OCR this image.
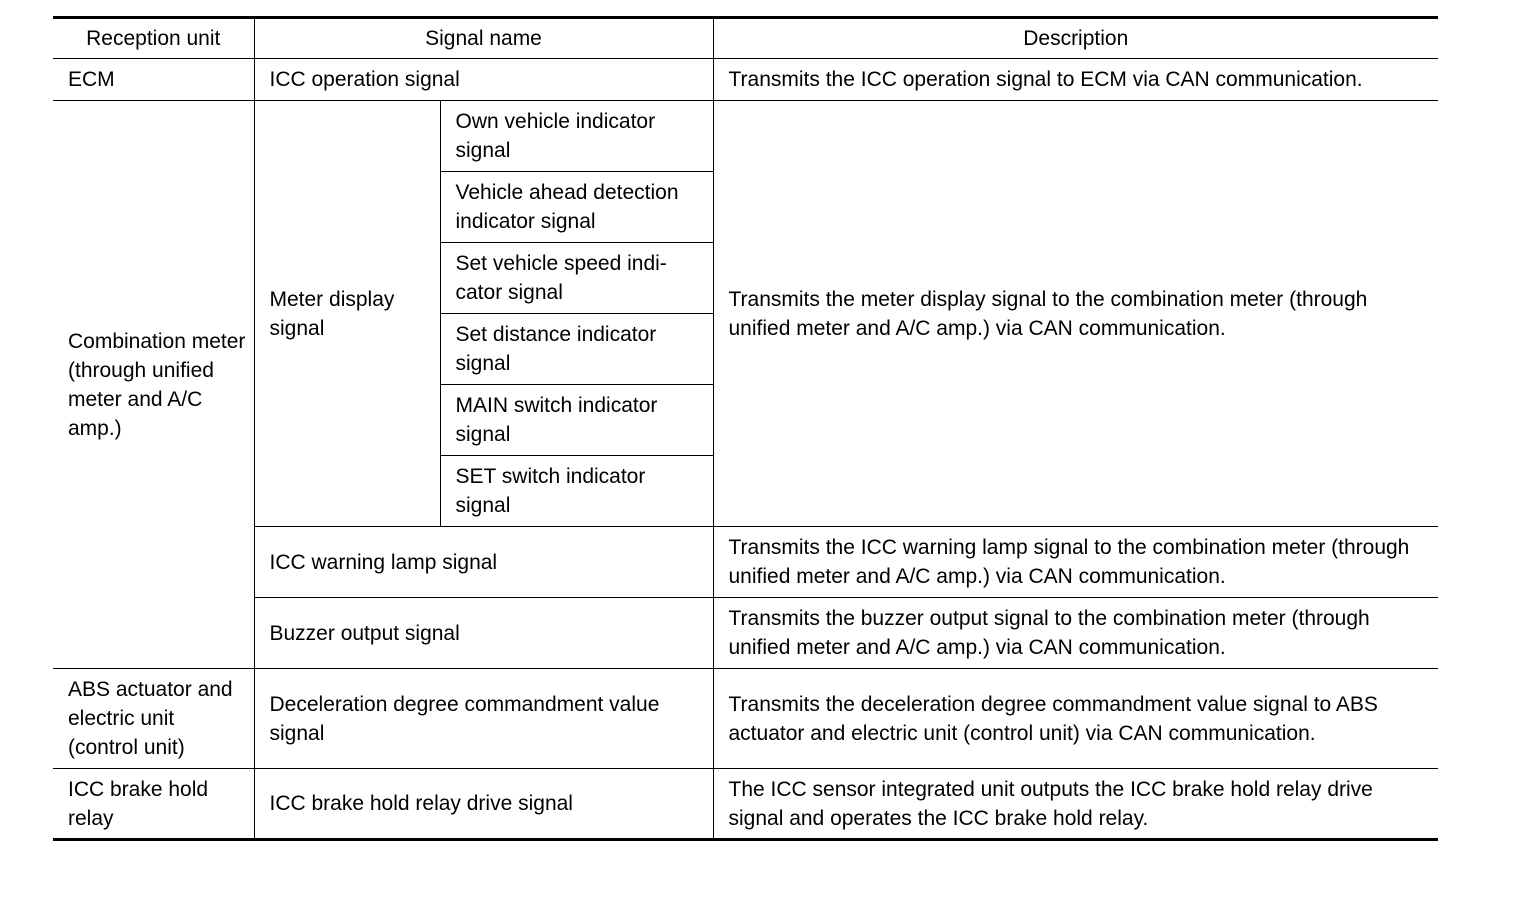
Reception unit	Signal name		Description
ECM	ICC operation signal		Transmits the ICC operation signal to ECM via CAN communication.
Combination meter (through unified meter and A/C amp.)	Meter display signal	Own vehicle indicator signal	Transmits the meter display signal to the combination meter (through unified meter and A/C amp.) via CAN communication.
		Vehicle ahead detection indicator signal	
		Set vehicle speed indi-cator signal	
		Set distance indicator signal	
		MAIN switch indicator signal	
		SET switch indicator signal	
	ICC warning lamp signal		Transmits the ICC warning lamp signal to the combination meter (through unified meter and A/C amp.) via CAN communication.
	Buzzer output signal		Transmits the buzzer output signal to the combination meter (through unified meter and A/C amp.) via CAN communication.
ABS actuator and electric unit (control unit)	Deceleration degree commandment value signal		Transmits the deceleration degree commandment value signal to ABS actuator and electric unit (control unit) via CAN communication.
ICC brake hold relay	ICC brake hold relay drive signal		The ICC sensor integrated unit outputs the ICC brake hold relay drive signal and operates the ICC brake hold relay.
